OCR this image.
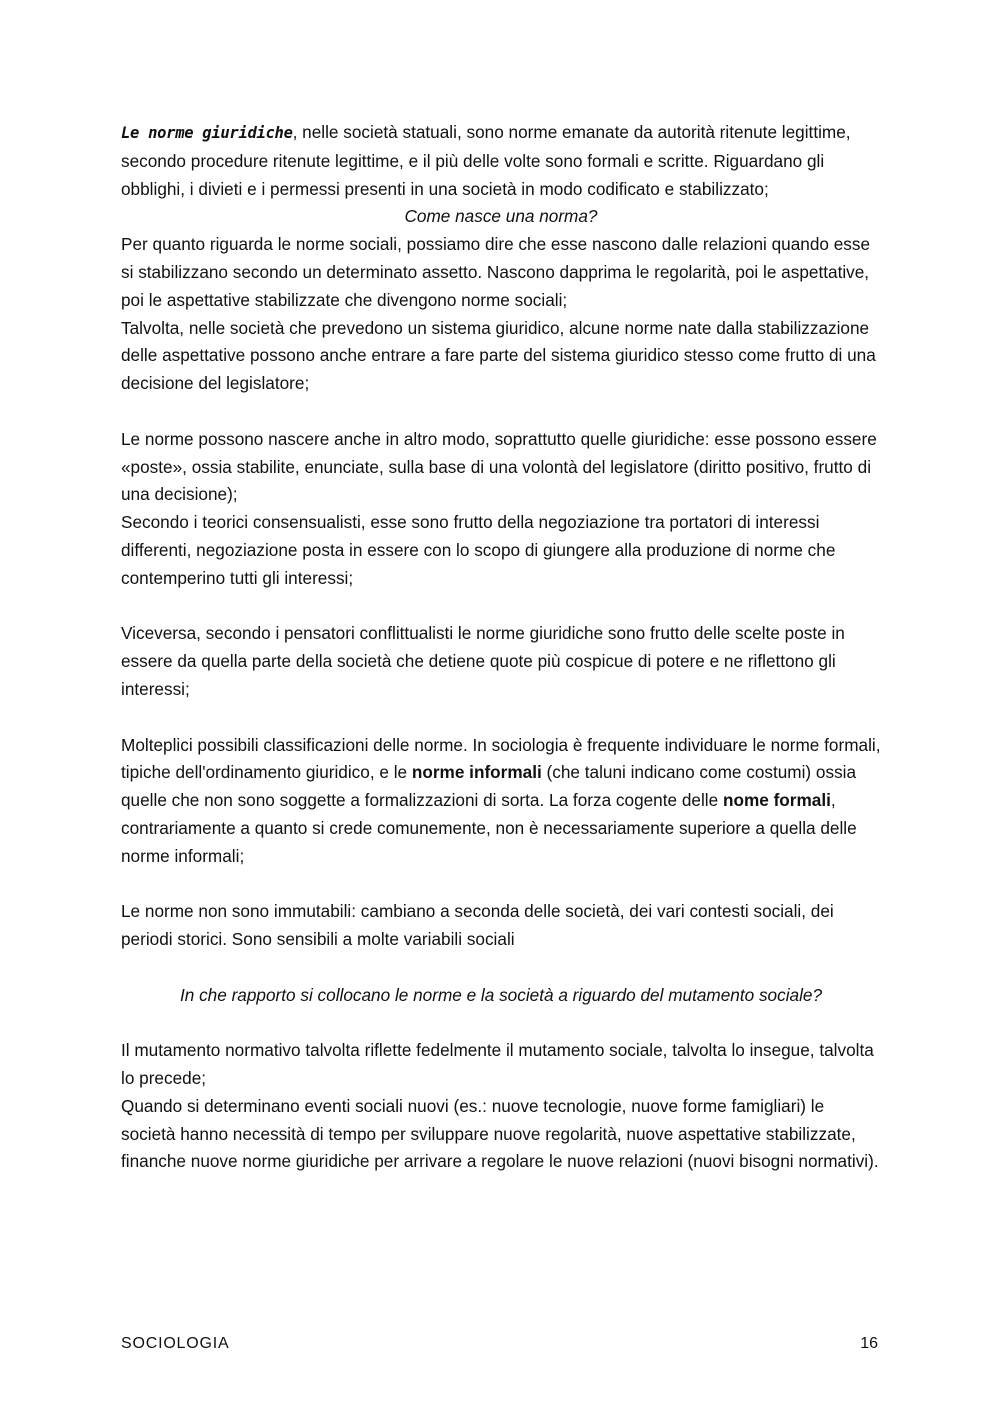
Le norme giuridiche, nelle società statuali, sono norme emanate da autorità ritenute legittime, secondo procedure ritenute legittime, e il più delle volte sono formali e scritte. Riguardano gli obblighi, i divieti e i permessi presenti in una società in modo codificato e stabilizzato;

Come nasce una norma?

Per quanto riguarda le norme sociali, possiamo dire che esse nascono dalle relazioni quando esse si stabilizzano secondo un determinato assetto. Nascono dapprima le regolarità, poi le aspettative, poi le aspettative stabilizzate che divengono norme sociali;

Talvolta, nelle società che prevedono un sistema giuridico, alcune norme nate dalla stabilizzazione delle aspettative possono anche entrare a fare parte del sistema giuridico stesso come frutto di una decisione del legislatore;

Le norme possono nascere anche in altro modo, soprattutto quelle giuridiche: esse possono essere «poste», ossia stabilite, enunciate, sulla base di una volontà del legislatore (diritto positivo, frutto di una decisione);

Secondo i teorici consensualisti, esse sono frutto della negoziazione tra portatori di interessi differenti, negoziazione posta in essere con lo scopo di giungere alla produzione di norme che contemperino tutti gli interessi;

Viceversa, secondo i pensatori conflittualisti le norme giuridiche sono frutto delle scelte poste in essere da quella parte della società che detiene quote più cospicue di potere e ne riflettono gli interessi;

Molteplici possibili classificazioni delle norme. In sociologia è frequente individuare le norme formali, tipiche dell'ordinamento giuridico, e le norme informali (che taluni indicano come costumi) ossia quelle che non sono soggette a formalizzazioni di sorta. La forza cogente delle nome formali, contrariamente a quanto si crede comunemente, non è necessariamente superiore a quella delle norme informali;

Le norme non sono immutabili: cambiano a seconda delle società, dei vari contesti sociali, dei periodi storici. Sono sensibili a molte variabili sociali

In che rapporto si collocano le norme e la società a riguardo del mutamento sociale?

Il mutamento normativo talvolta riflette fedelmente il mutamento sociale, talvolta lo insegue, talvolta lo precede;

Quando si determinano eventi sociali nuovi (es.: nuove tecnologie, nuove forme famigliari) le società hanno necessità di tempo per sviluppare nuove regolarità, nuove aspettative stabilizzate, finanche nuove norme giuridiche per arrivare a regolare le nuove relazioni (nuovi bisogni normativi).

SOCIOLOGIA	16
